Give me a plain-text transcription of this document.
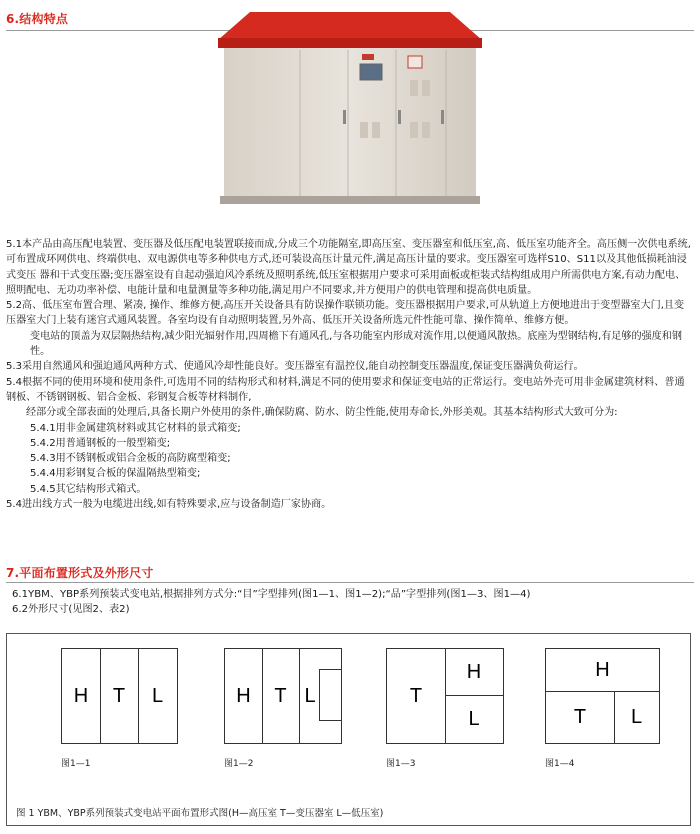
6.结构特点

5.1本产品由高压配电装置、变压器及低压配电装置联接而成,分成三个功能隔室,即高压室、变压器室和低压室,高、低压室功能齐全。高压侧一次供电系统,可布置成环网供电、终端供电、双电源供电等多种供电方式,还可装设高压计量元件,满足高压计量的要求。变压器室可选样S10、S11以及其他低损耗油浸式变压 器和干式变压器;变压器室设有自起动强迫风冷系统及照明系统,低压室根据用户要求可采用面板或柜装式结构组成用户所需供电方案,有动力配电、照明配电、无功功率补偿、电能计量和电量测量等多种功能,满足用户不同要求,并方便用户的供电管理和提高供电质量。

5.2高、低压室布置合理、紧凑, 操作、维修方便,高压开关设备具有防误操作联锁功能。变压器根据用户要求,可从轨道上方便地进出于变型器室大门,且变压器室大门上装有迷宫式通风装置。各室均设有自动照明装置,另外高、低压开关设备所选元件性能可靠、操作简单、维修方便。

变电站的顶盖为双层隔热结构,减少阳光辐射作用,四周檐下有通风孔,与各功能室内形成对流作用,以便通风散热。底座为型钢结构,有足够的强度和钢性。

5.3采用自然通风和强迫通风两种方式、使通风冷却性能良好。变压器室有温控仪,能自动控制变压器温度,保证变压器满负荷运行。

5.4根据不同的使用环境和使用条件,可选用不同的结构形式和材料,满足不同的使用要求和保证变电站的正常运行。变电站外壳可用非金属建筑材料、普通钢板、不锈钢钢板、铝合金板、彩钢复合板等材料制作,

经部分或全部表面的处理后,具备长期户外使用的条件,确保防腐、防水、防尘性能,使用寿命长,外形美观。其基本结构形式大致可分为:

5.4.1用非金属建筑材料或其它材料的景式箱变;

5.4.2用普通钢板的一般型箱变;

5.4.3用不锈钢板或铝合金板的高防腐型箱变;

5.4.4用彩钢复合板的保温隔热型箱变;

5.4.5其它结构形式箱式。

5.4进出线方式一般为电缆进出线,如有特殊要求,应与设备制造厂家协商。

7.平面布置形式及外形尺寸

6.1YBM、YBP系列预装式变电站,根据排列方式分:“目”字型排列(图1—1、图1—2);“品”字型排列(图1—3、图1—4)

6.2外形尺寸(见图2、表2)

H	T	L
图1—1
H	T L
图1—2
T
H
L
图1—3
H
T	L
图1—4
图 1 YBM、YBP系列预装式变电站平面布置形式图(H—高压室 T—变压器室 L—低压室)
